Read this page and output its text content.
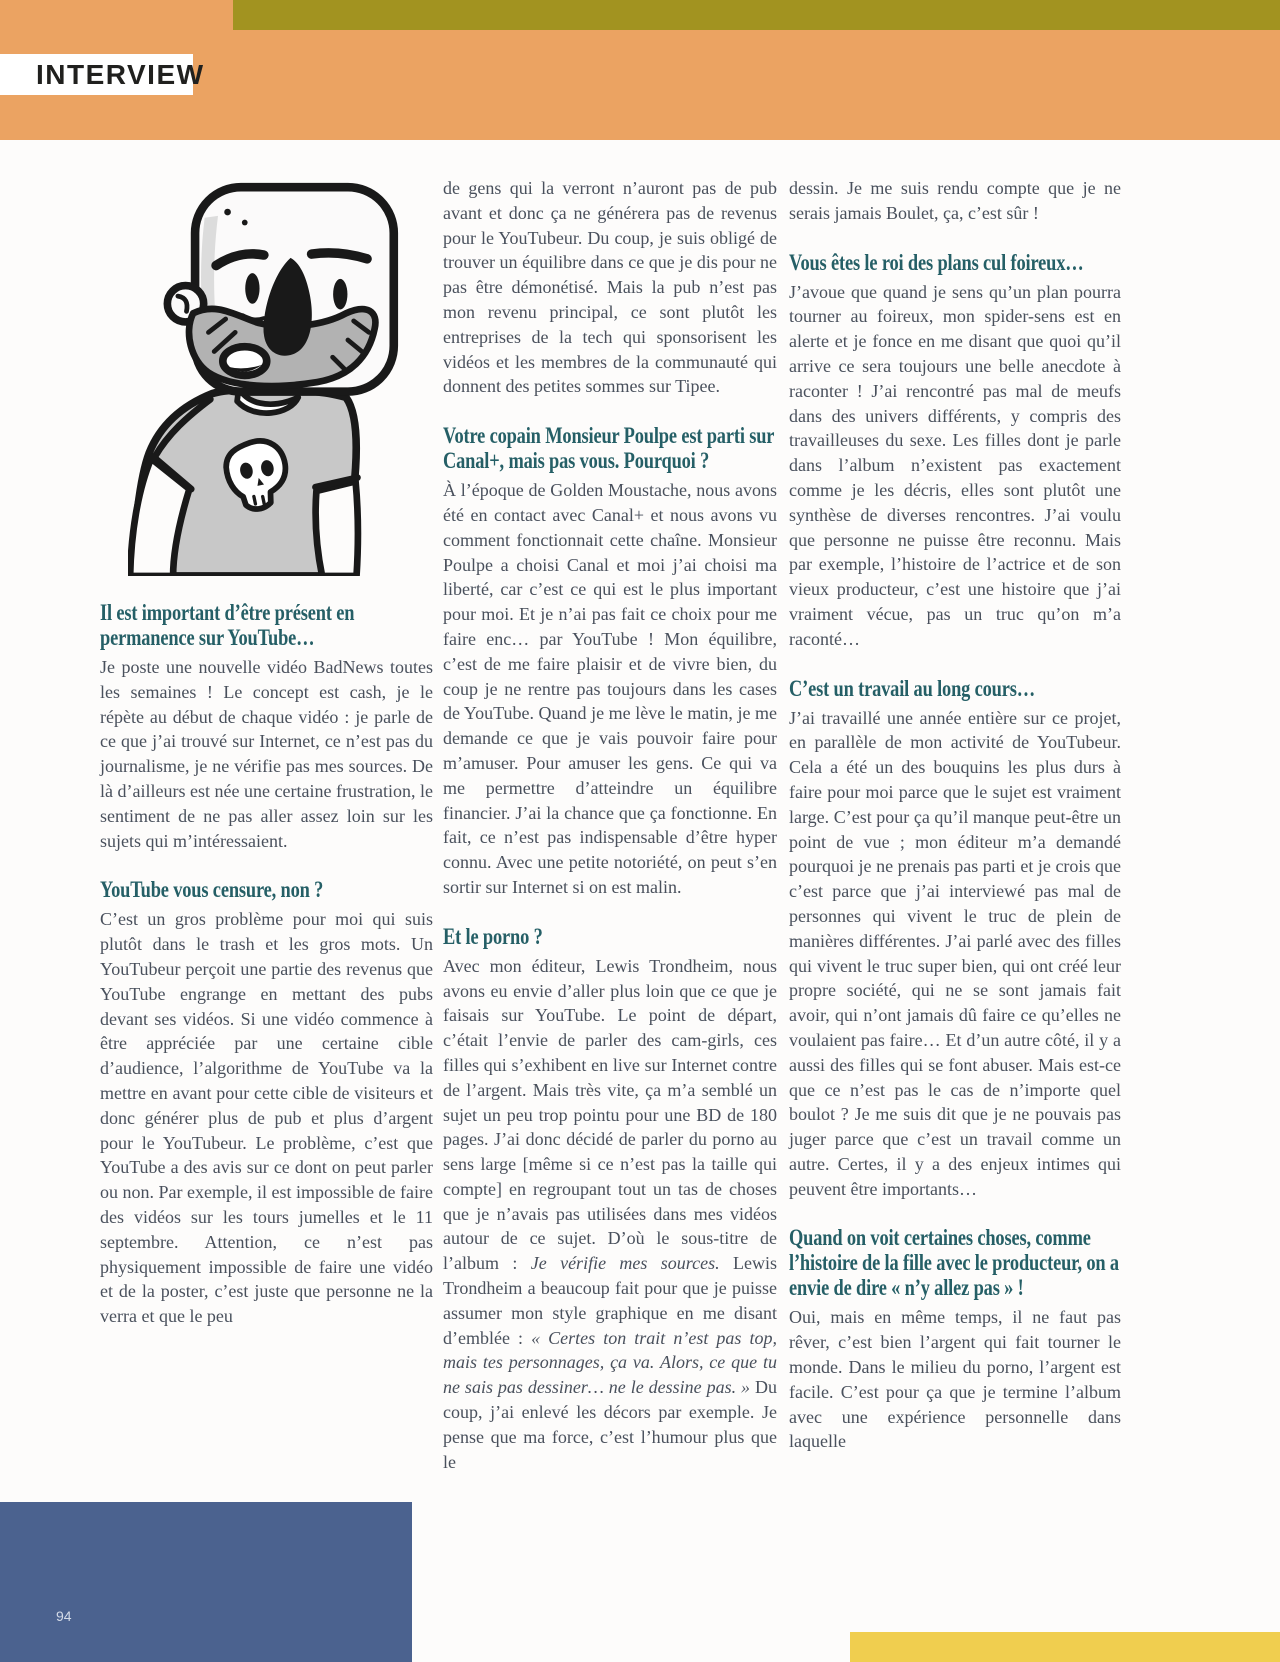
INTERVIEW
Il est important d’être présent en permanence sur YouTube…

Je poste une nouvelle vidéo BadNews toutes les semaines ! Le concept est cash, je le répète au début de chaque vidéo : je parle de ce que j’ai trouvé sur Internet, ce n’est pas du journalisme, je ne vérifie pas mes sources. De là d’ailleurs est née une certaine frustration, le sentiment de ne pas aller assez loin sur les sujets qui m’intéressaient.

YouTube vous censure, non ?

C’est un gros problème pour moi qui suis plutôt dans le trash et les gros mots. Un YouTubeur perçoit une partie des revenus que YouTube engrange en mettant des pubs devant ses vidéos. Si une vidéo commence à être appréciée par une certaine cible d’audience, l’algorithme de YouTube va la mettre en avant pour cette cible de visiteurs et donc générer plus de pub et plus d’argent pour le YouTubeur. Le problème, c’est que YouTube a des avis sur ce dont on peut parler ou non. Par exemple, il est impossible de faire des vidéos sur les tours jumelles et le 11 septembre. Attention, ce n’est pas physiquement impossible de faire une vidéo et de la poster, c’est juste que personne ne la verra et que le peu

de gens qui la verront n’auront pas de pub avant et donc ça ne générera pas de revenus pour le YouTubeur. Du coup, je suis obligé de trouver un équilibre dans ce que je dis pour ne pas être démonétisé. Mais la pub n’est pas mon revenu principal, ce sont plutôt les entreprises de la tech qui sponsorisent les vidéos et les membres de la communauté qui donnent des petites sommes sur Tipee.

Votre copain Monsieur Poulpe est parti sur Canal+, mais pas vous. Pourquoi ?

À l’époque de Golden Moustache, nous avons été en contact avec Canal+ et nous avons vu comment fonctionnait cette chaîne. Monsieur Poulpe a choisi Canal et moi j’ai choisi ma liberté, car c’est ce qui est le plus important pour moi. Et je n’ai pas fait ce choix pour me faire enc… par YouTube ! Mon équilibre, c’est de me faire plaisir et de vivre bien, du coup je ne rentre pas toujours dans les cases de YouTube. Quand je me lève le matin, je me demande ce que je vais pouvoir faire pour m’amuser. Pour amuser les gens. Ce qui va me permettre d’atteindre un équilibre financier. J’ai la chance que ça fonctionne. En fait, ce n’est pas indispensable d’être hyper connu. Avec une petite notoriété, on peut s’en sortir sur Internet si on est malin.

Et le porno ?

Avec mon éditeur, Lewis Trondheim, nous avons eu envie d’aller plus loin que ce que je faisais sur YouTube. Le point de départ, c’était l’envie de parler des cam-girls, ces filles qui s’exhibent en live sur Internet contre de l’argent. Mais très vite, ça m’a semblé un sujet un peu trop pointu pour une BD de 180 pages. J’ai donc décidé de parler du porno au sens large [même si ce n’est pas la taille qui compte] en regroupant tout un tas de choses que je n’avais pas utilisées dans mes vidéos autour de ce sujet. D’où le sous-titre de l’album : Je vérifie mes sources. Lewis Trondheim a beaucoup fait pour que je puisse assumer mon style graphique en me disant d’emblée : « Certes ton trait n’est pas top, mais tes personnages, ça va. Alors, ce que tu ne sais pas dessiner… ne le dessine pas. » Du coup, j’ai enlevé les décors par exemple. Je pense que ma force, c’est l’humour plus que le

dessin. Je me suis rendu compte que je ne serais jamais Boulet, ça, c’est sûr !

Vous êtes le roi des plans cul foireux…

J’avoue que quand je sens qu’un plan pourra tourner au foireux, mon spider-sens est en alerte et je fonce en me disant que quoi qu’il arrive ce sera toujours une belle anecdote à raconter ! J’ai rencontré pas mal de meufs dans des univers différents, y compris des travailleuses du sexe. Les filles dont je parle dans l’album n’existent pas exactement comme je les décris, elles sont plutôt une synthèse de diverses rencontres. J’ai voulu que personne ne puisse être reconnu. Mais par exemple, l’histoire de l’actrice et de son vieux producteur, c’est une histoire que j’ai vraiment vécue, pas un truc qu’on m’a raconté…

C’est un travail au long cours…

J’ai travaillé une année entière sur ce projet, en parallèle de mon activité de YouTubeur. Cela a été un des bouquins les plus durs à faire pour moi parce que le sujet est vraiment large. C’est pour ça qu’il manque peut-être un point de vue ; mon éditeur m’a demandé pourquoi je ne prenais pas parti et je crois que c’est parce que j’ai interviewé pas mal de personnes qui vivent le truc de plein de manières différentes. J’ai parlé avec des filles qui vivent le truc super bien, qui ont créé leur propre société, qui ne se sont jamais fait avoir, qui n’ont jamais dû faire ce qu’elles ne voulaient pas faire… Et d’un autre côté, il y a aussi des filles qui se font abuser. Mais est-ce que ce n’est pas le cas de n’importe quel boulot ? Je me suis dit que je ne pouvais pas juger parce que c’est un travail comme un autre. Certes, il y a des enjeux intimes qui peuvent être importants…

Quand on voit certaines choses, comme l’histoire de la fille avec le producteur, on a envie de dire « n’y allez pas » !

Oui, mais en même temps, il ne faut pas rêver, c’est bien l’argent qui fait tourner le monde. Dans le milieu du porno, l’argent est facile. C’est pour ça que je termine l’album avec une expérience personnelle dans laquelle

94
